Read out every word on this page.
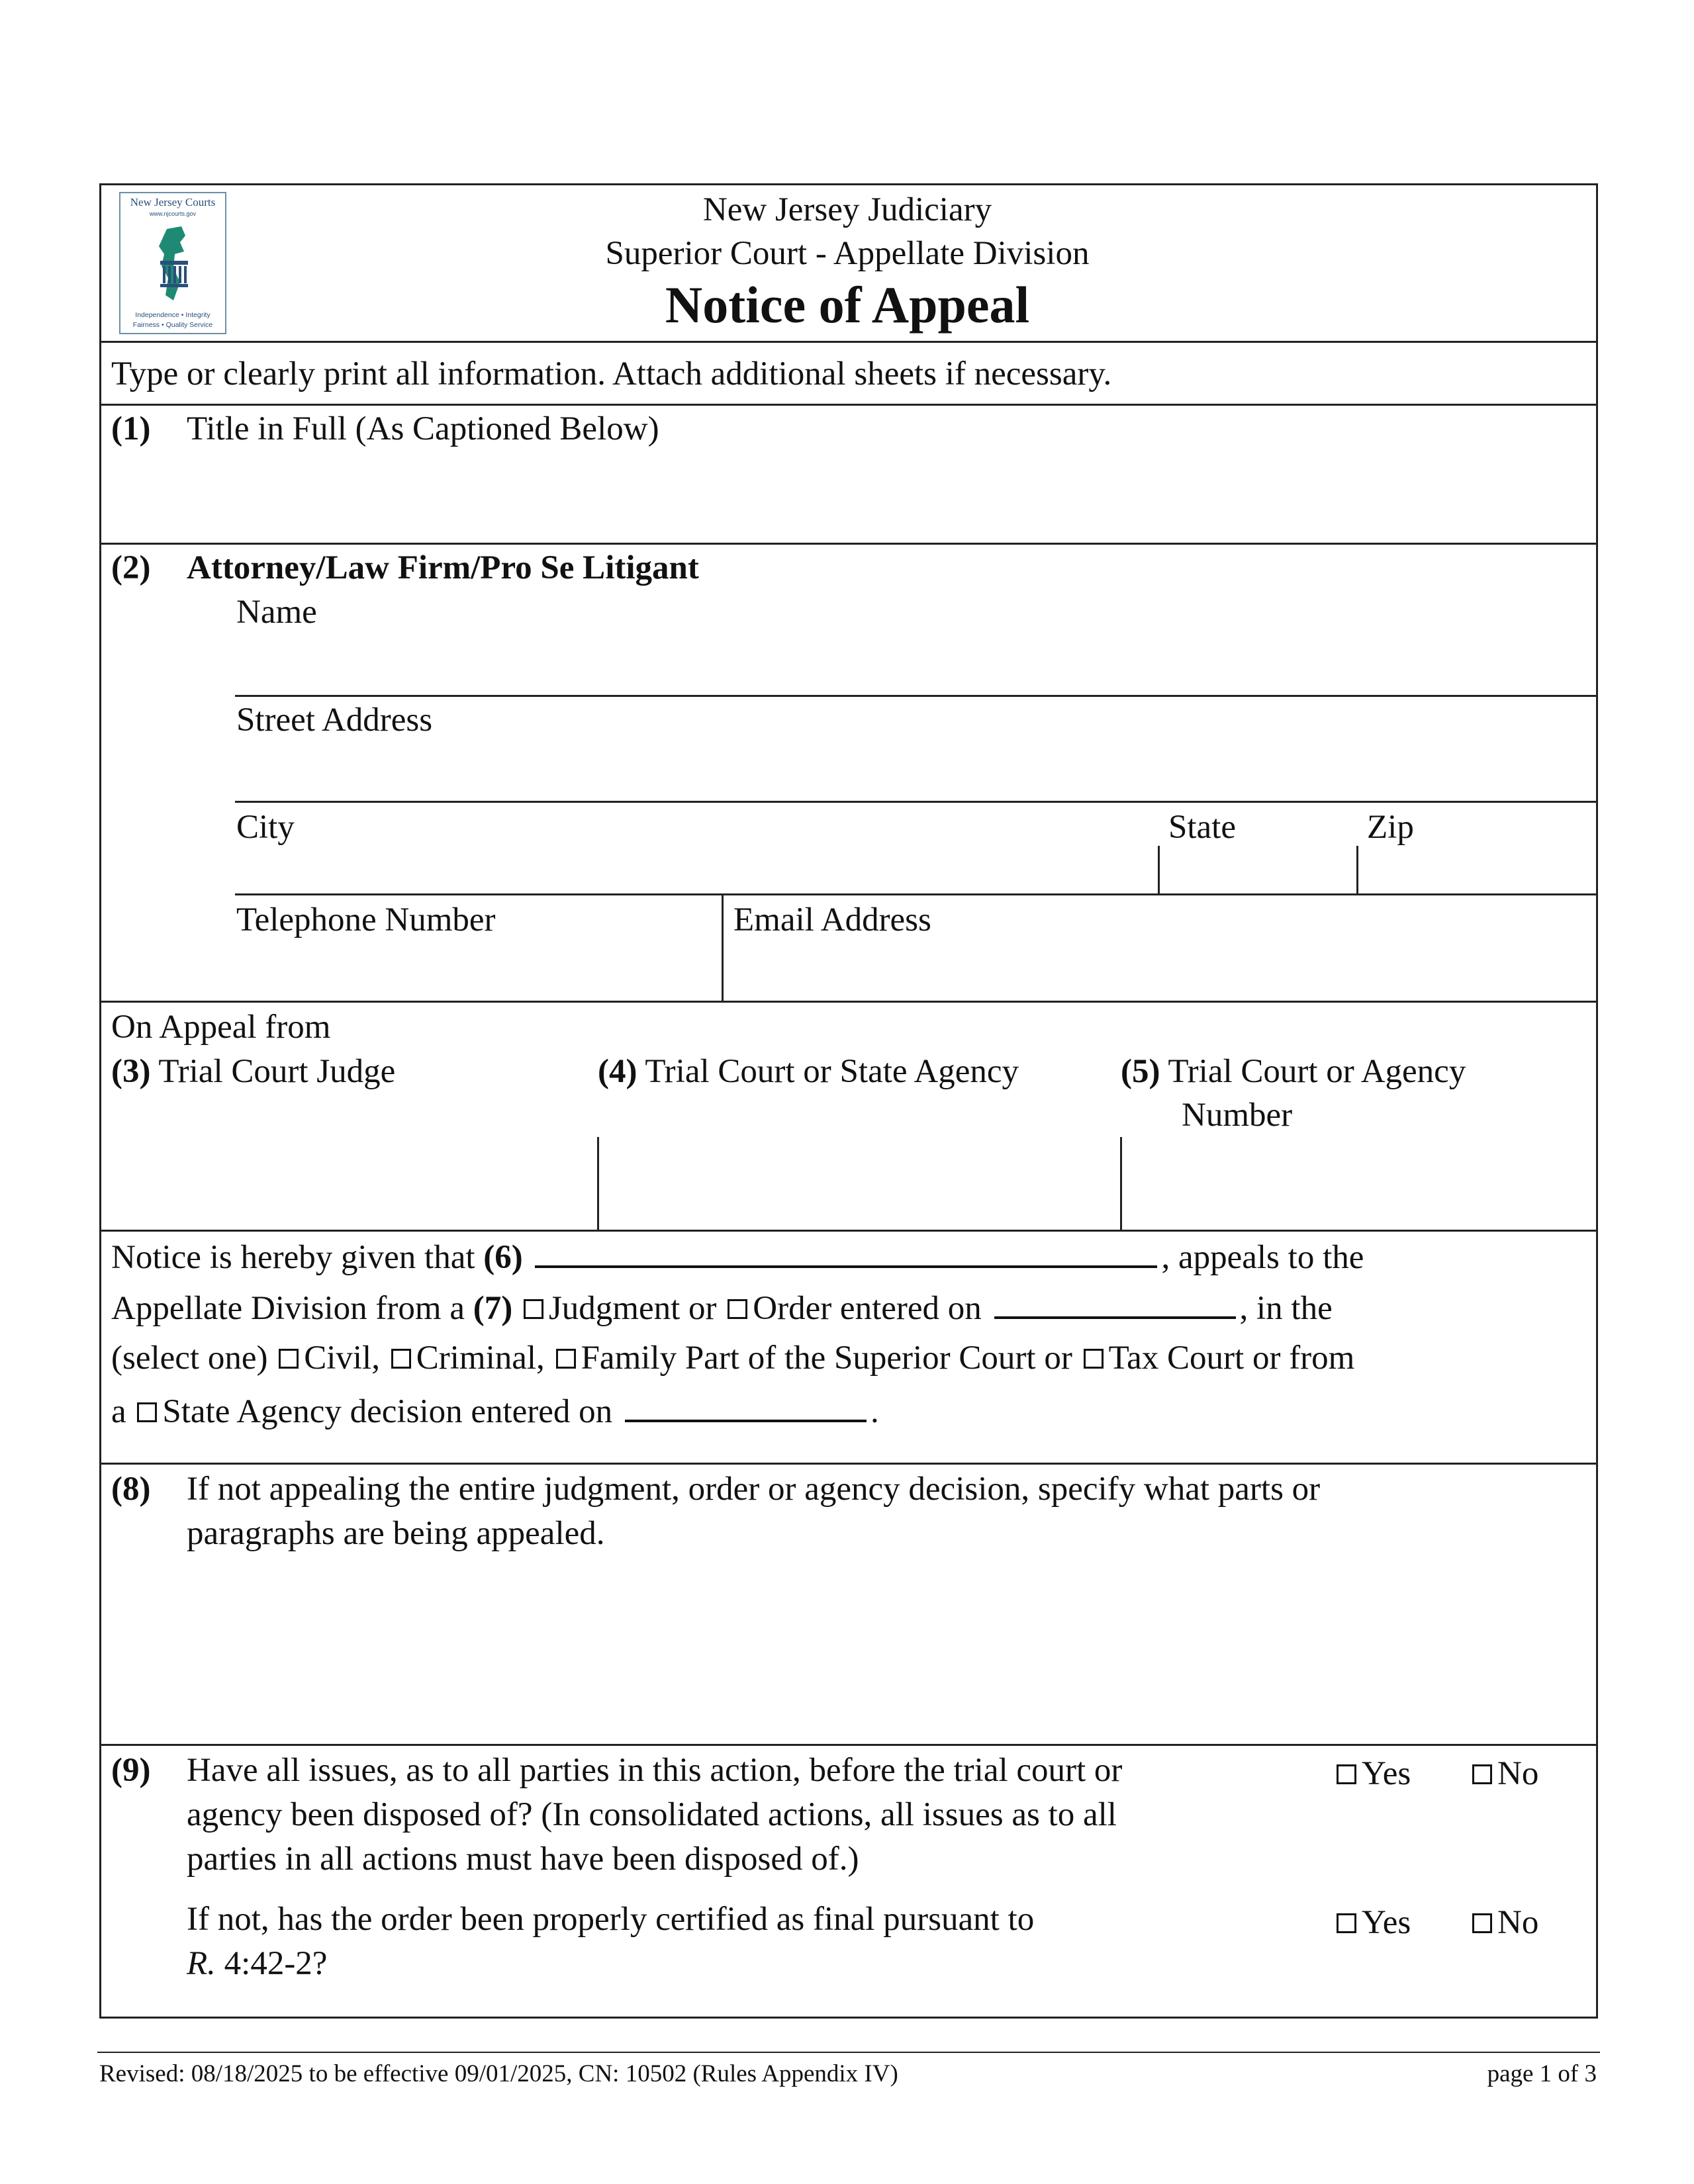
New Jersey Courts
www.njcourts.gov
Independence • Integrity
Fairness • Quality Service
New Jersey Judiciary
Superior Court - Appellate Division
Notice of Appeal
Type or clearly print all information. Attach additional sheets if necessary.
(1) Title in Full (As Captioned Below)
(2) Attorney/Law Firm/Pro Se Litigant
Name
Street Address
City	State	Zip
Telephone Number	Email Address
On Appeal from
(3) Trial Court Judge	(4) Trial Court or State Agency	(5) Trial Court or Agency
Number
Notice is hereby given that (6)	, appeals to the
Appellate Division from a (7) Judgment or Order entered on	, in the
(select one) Civil, Criminal, Family Part of the Superior Court or Tax Court or from
a State Agency decision entered on	.
(8) If not appealing the entire judgment, order or agency decision, specify what parts or
paragraphs are being appealed.
(9) Have all issues, as to all parties in this action, before the trial court or
agency been disposed of? (In consolidated actions, all issues as to all
parties in all actions must have been disposed of.)
Yes	No
If not, has the order been properly certified as final pursuant to
R. 4:42-2?
Yes	No
Revised: 08/18/2025 to be effective 09/01/2025, CN: 10502 (Rules Appendix IV)	page 1 of 3
